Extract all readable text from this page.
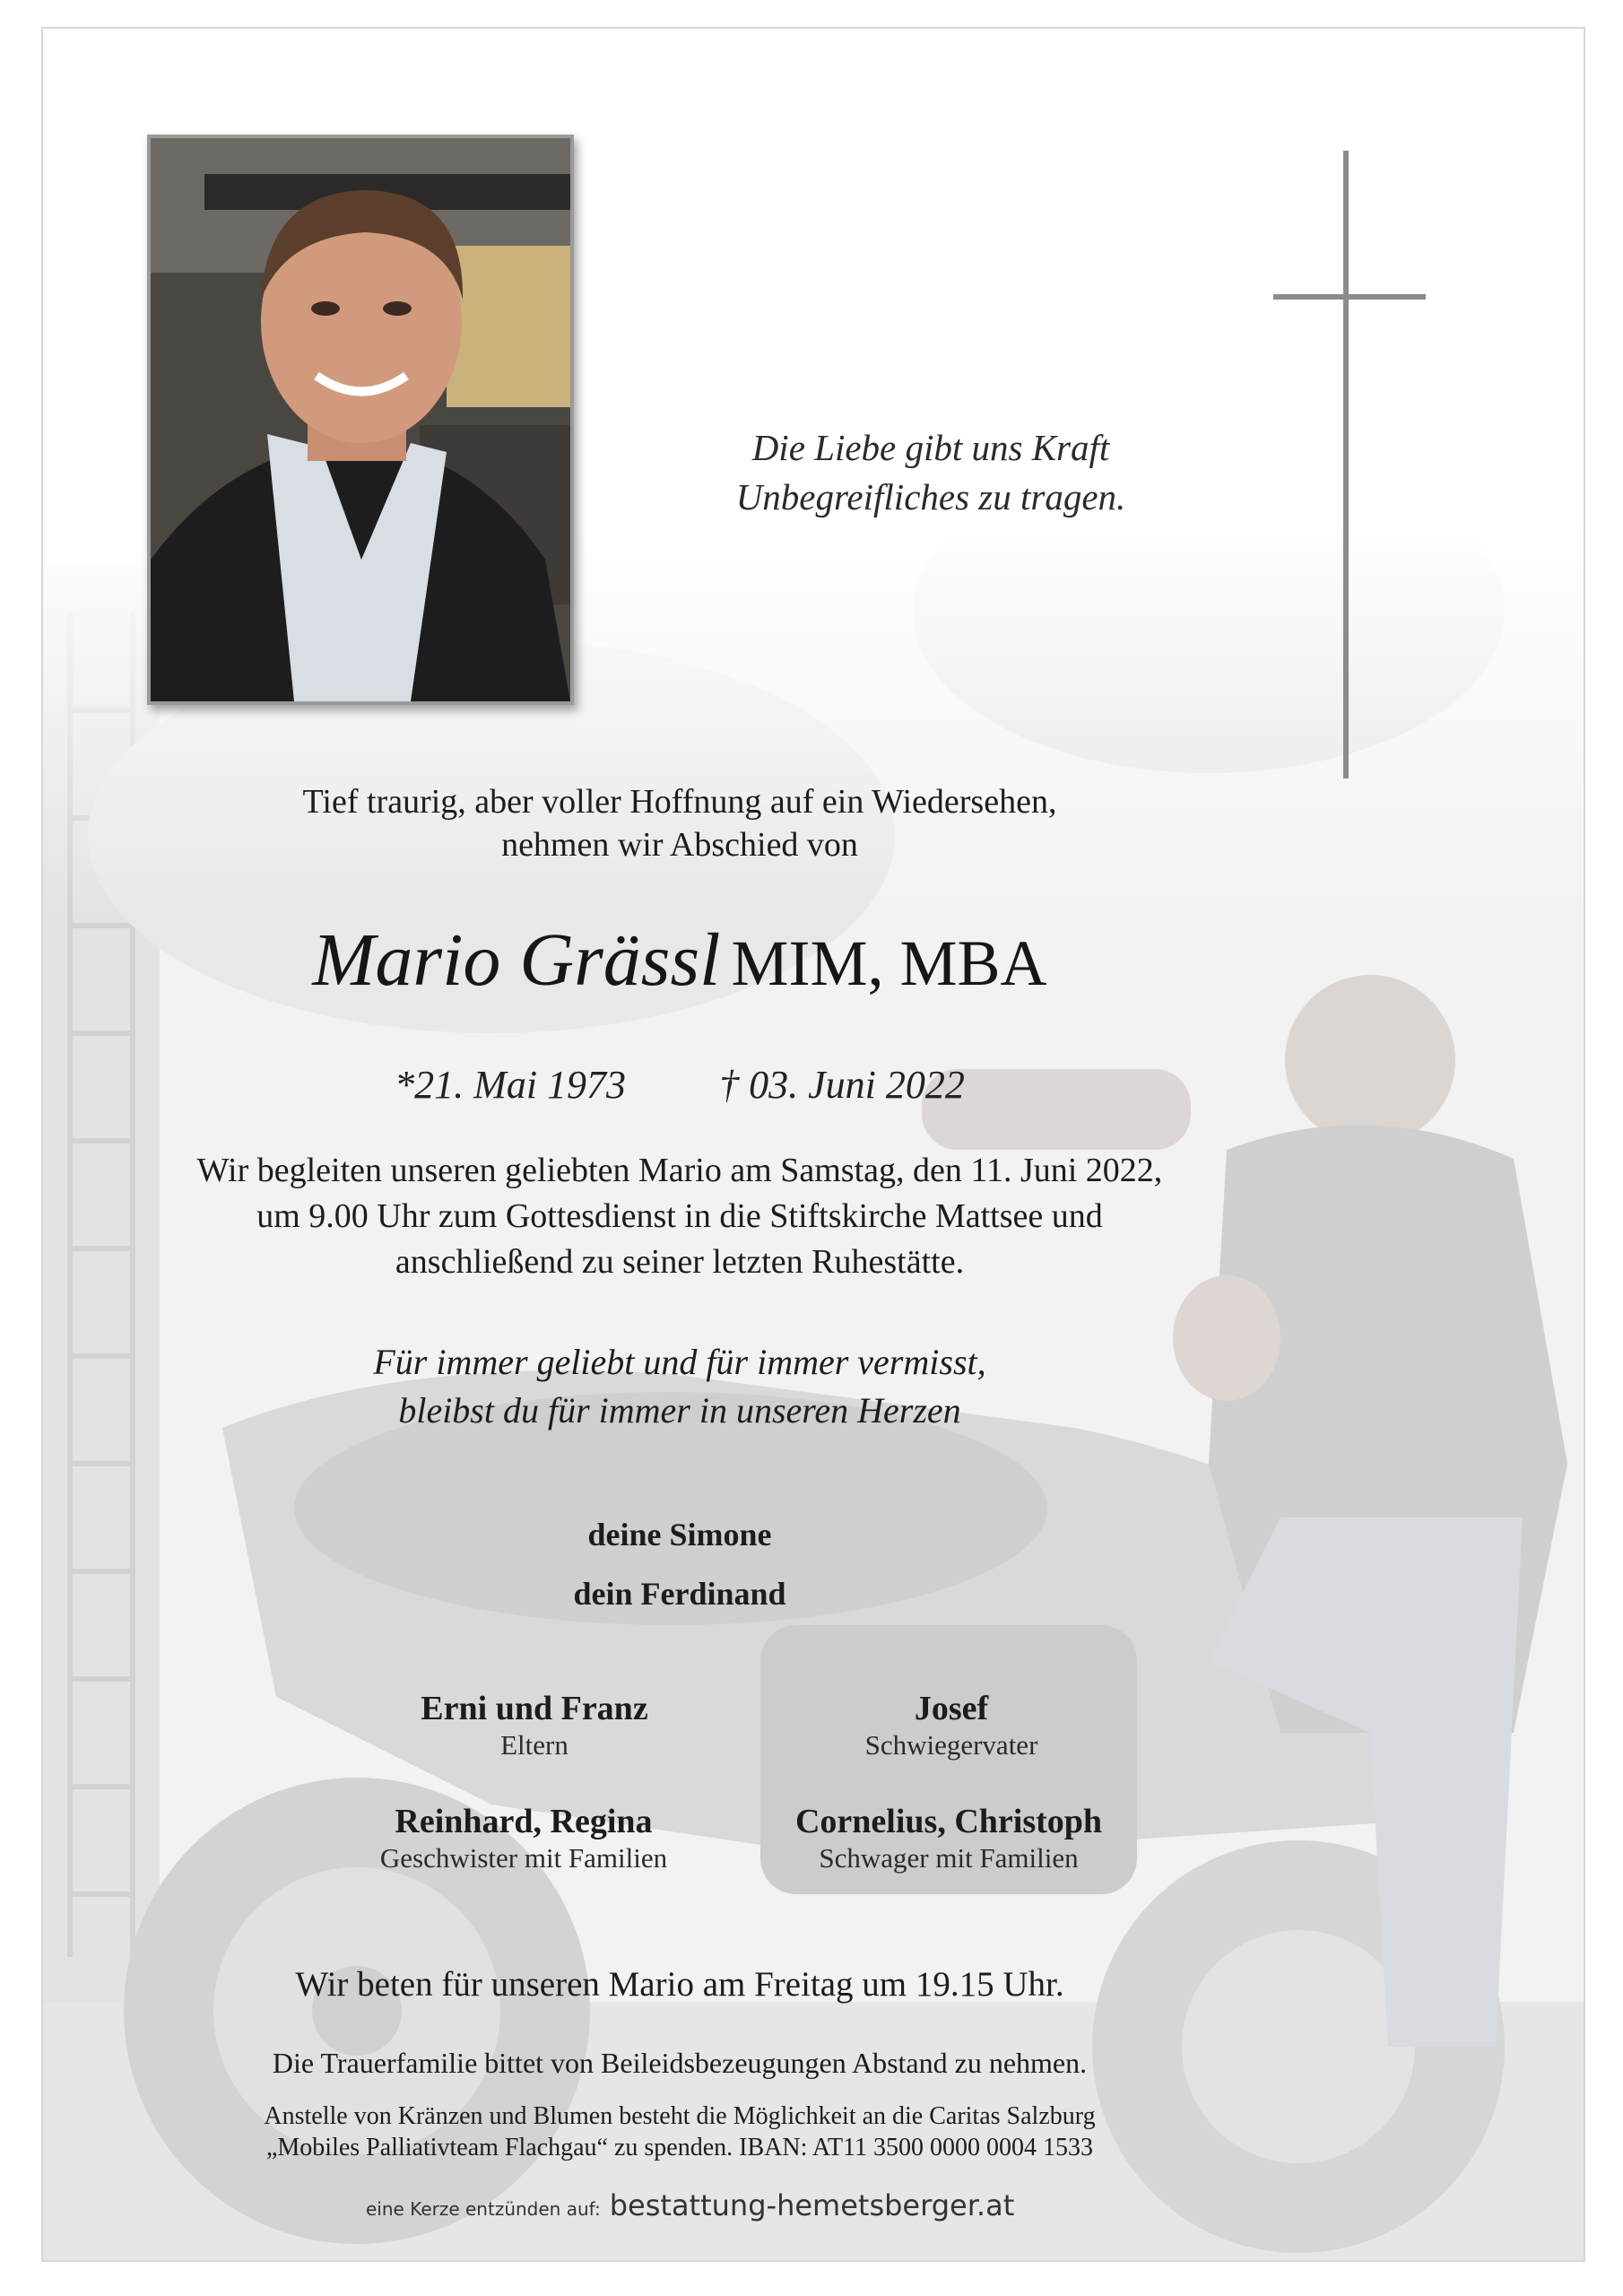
Die Liebe gibt uns Kraft
Unbegreifliches zu tragen.
Tief traurig, aber voller Hoffnung auf ein Wiedersehen,
nehmen wir Abschied von
Mario Grässl MIM, MBA
*21. Mai 1973 † 03. Juni 2022
Wir begleiten unseren geliebten Mario am Samstag, den 11. Juni 2022,
um 9.00 Uhr zum Gottesdienst in die Stiftskirche Mattsee und
anschließend zu seiner letzten Ruhestätte.
Für immer geliebt und für immer vermisst,
bleibst du für immer in unseren Herzen
deine Simone
dein Ferdinand
Erni und Franz
Eltern
Josef
Schwiegervater
Reinhard, Regina
Geschwister mit Familien
Cornelius, Christoph
Schwager mit Familien
Wir beten für unseren Mario am Freitag um 19.15 Uhr.
Die Trauerfamilie bittet von Beileidsbezeugungen Abstand zu nehmen.
Anstelle von Kränzen und Blumen besteht die Möglichkeit an die Caritas Salzburg
„Mobiles Palliativteam Flachgau“ zu spenden. IBAN: AT11 3500 0000 0004 1533
eine Kerze entzünden auf: bestattung-hemetsberger.at
